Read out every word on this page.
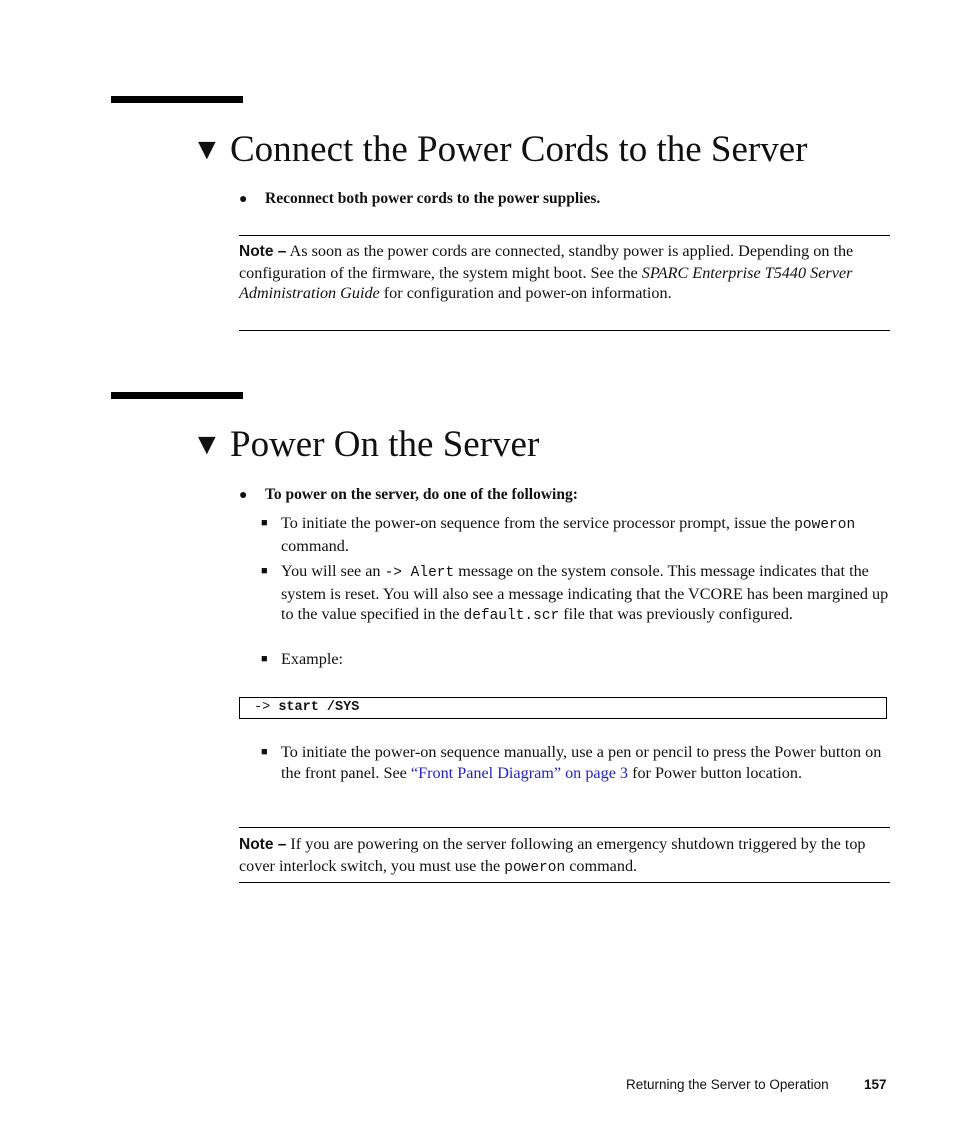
▼ Connect the Power Cords to the Server
● Reconnect both power cords to the power supplies.
Note – As soon as the power cords are connected, standby power is applied. Depending on the configuration of the firmware, the system might boot. See the SPARC Enterprise T5440 Server Administration Guide for configuration and power-on information.
▼ Power On the Server
● To power on the server, do one of the following:
■ To initiate the power-on sequence from the service processor prompt, issue the poweron command.
■ You will see an -> Alert message on the system console. This message indicates that the system is reset. You will also see a message indicating that the VCORE has been margined up to the value specified in the default.scr file that was previously configured.
■ Example:
-> start /SYS
■ To initiate the power-on sequence manually, use a pen or pencil to press the Power button on the front panel. See “Front Panel Diagram” on page 3 for Power button location.
Note – If you are powering on the server following an emergency shutdown triggered by the top cover interlock switch, you must use the poweron command.
Returning the Server to Operation	157
